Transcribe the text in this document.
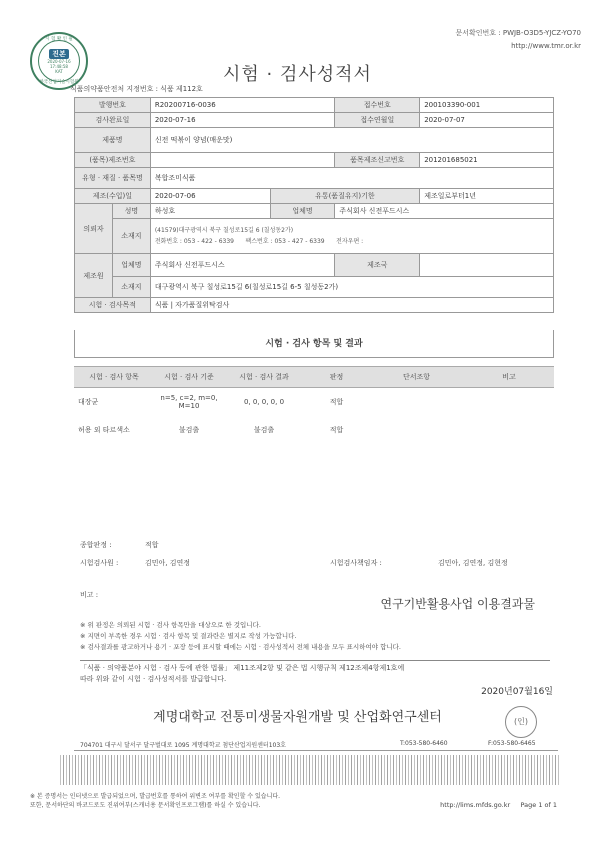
문서확인번호 : PWJB-O3D5-YJCZ-YO70
http://www.tmr.or.kr
시 험 확 인 필
진본
2020-07-16
17:48:58
KAT
한국산업기술시험원	시험 · 검사성적서
식품의약품안전처 지정번호 : 식품 제112호
발행번호		R20200716-0036		접수번호	200103390-001
검사완료일		2020-07-16		접수연월일	2020-07-07
제품명		신전 떡볶이 양념(매운맛)			
(품목)제조번호				품목제조신고번호	201201685021
유형 · 재질 · 품목명		복합조미식품			
제조(수입)일		2020-07-06	유통(품질유지)기한		제조일로부터1년
의뢰자	성명	하성호	업체명	주식회사 신전푸드시스	
	소재지	(41579)대구광역시 북구 칠성로15길 6 (칠성동2가)
전화번호 : 053 - 422 - 6339 팩스번호 : 053 - 427 - 6339 전자우편 :			

제조원	업체명	주식회사 신전푸드시스		제조국	
	소재지	대구광역시 북구 칠성로15길 6(칠성로15길 6-5 칠성동2가)			
시험 · 검사목적		식품 | 자가품질위탁검사			
시험 · 검사 항목 및 결과
시험 · 검사 항목	시험 · 검사 기준	시험 · 검사 결과	판정	단서조항	비고
대장균	n=5, c=2, m=0,
M=10	0, 0, 0, 0, 0	적합		
허용 외 타르색소	불검출	불검출	적합		
종합판정 :	적합
시험검사원 :	김민아, 김연정	시험검사책임자 :	김민아, 김연정, 김현정
비고 :
연구기반활용사업 이용결과물
※ 위 판정은 의뢰된 시험 · 검사 항목만을 대상으로 한 것입니다.
※ 지면이 부족한 경우 시험 · 검사 항목 및 결과란은 별지로 작성 가능합니다.
※ 검사결과를 광고하거나 용기 · 포장 등에 표시할 때에는 시험 · 검사성적서 전체 내용을 모두 표시하여야 합니다.
「식품 · 의약품분야 시험 · 검사 등에 관한 법률」 제11조제2항 및 같은 법 시행규칙 제12조제4항제1호에
따라 위와 같이 시험 · 검사성적서를 발급합니다.
2020년07월16일
계명대학교 전통미생물자원개발 및 산업화연구센터	(인)
704701 대구시 달서구 달구벌대로 1095 계명대학교 첨단산업지원센터103호	T:053-580-6460	F:053-580-6465
※ 본 증명서는 인터넷으로 발급되었으며, 발급번호를 통하여 위변조 여부를 확인할 수 있습니다.
또한, 문서하단의 바코드로도 진위여부(스캐너용 문서확인프로그램)를 하실 수 있습니다.	http://lims.mfds.go.kr Page 1 of 1
